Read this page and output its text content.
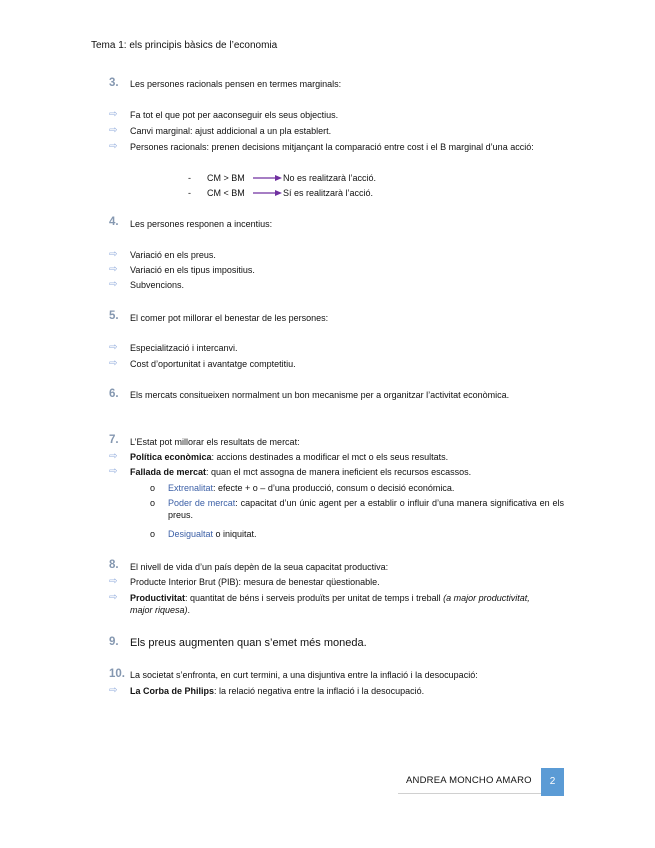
Tema 1: els principis bàsics de l’economia
3. Les persones racionals pensen en termes marginals:
⇨ Fa tot el que pot per aaconseguir els seus objectius.
⇨ Canvi marginal: ajust addicional a un pla establert.
⇨ Persones racionals: prenen decisions mitjançant la comparació entre cost i el B marginal d’una acció:
- CM > BM	No es realitzarà l’acció.
- CM < BM	Sí es realitzarà l’acció.
4. Les persones responen a incentius:
⇨ Variació en els preus.
⇨ Variació en els tipus impositius.
⇨ Subvencions.
5. El comer pot millorar el benestar de les persones:
⇨ Especialització i intercanvi.
⇨ Cost d’oportunitat i avantatge comptetitiu.
6. Els mercats consitueixen normalment un bon mecanisme per a organitzar l’activitat econòmica.
7. L’Estat pot millorar els resultats de mercat:
⇨ Política econòmica: accions destinades a modificar el mct o els seus resultats.
⇨ Fallada de mercat: quan el mct assogna de manera ineficient els recursos escassos.
o Extrenalitat: efecte + o – d’una producció, consum o decisió económica.
o Poder de mercat: capacitat d’un únic agent per a establir o influir d’una manera significativa en els preus.
o Desigualtat o iniquitat.
8. El nivell de vida d’un país depèn de la seua capacitat productiva:
⇨ Producte Interior Brut (PIB): mesura de benestar qüestionable.
⇨ Productivitat: quantitat de béns i serveis produïts per unitat de temps i treball (a major productivitat, major riquesa).
9. Els preus augmenten quan s’emet més moneda.
10. La societat s’enfronta, en curt termini, a una disjuntiva entre la inflació i la desocupació:
⇨ La Corba de Philips: la relació negativa entre la inflació i la desocupació.
ANDREA MONCHO AMARO	2
